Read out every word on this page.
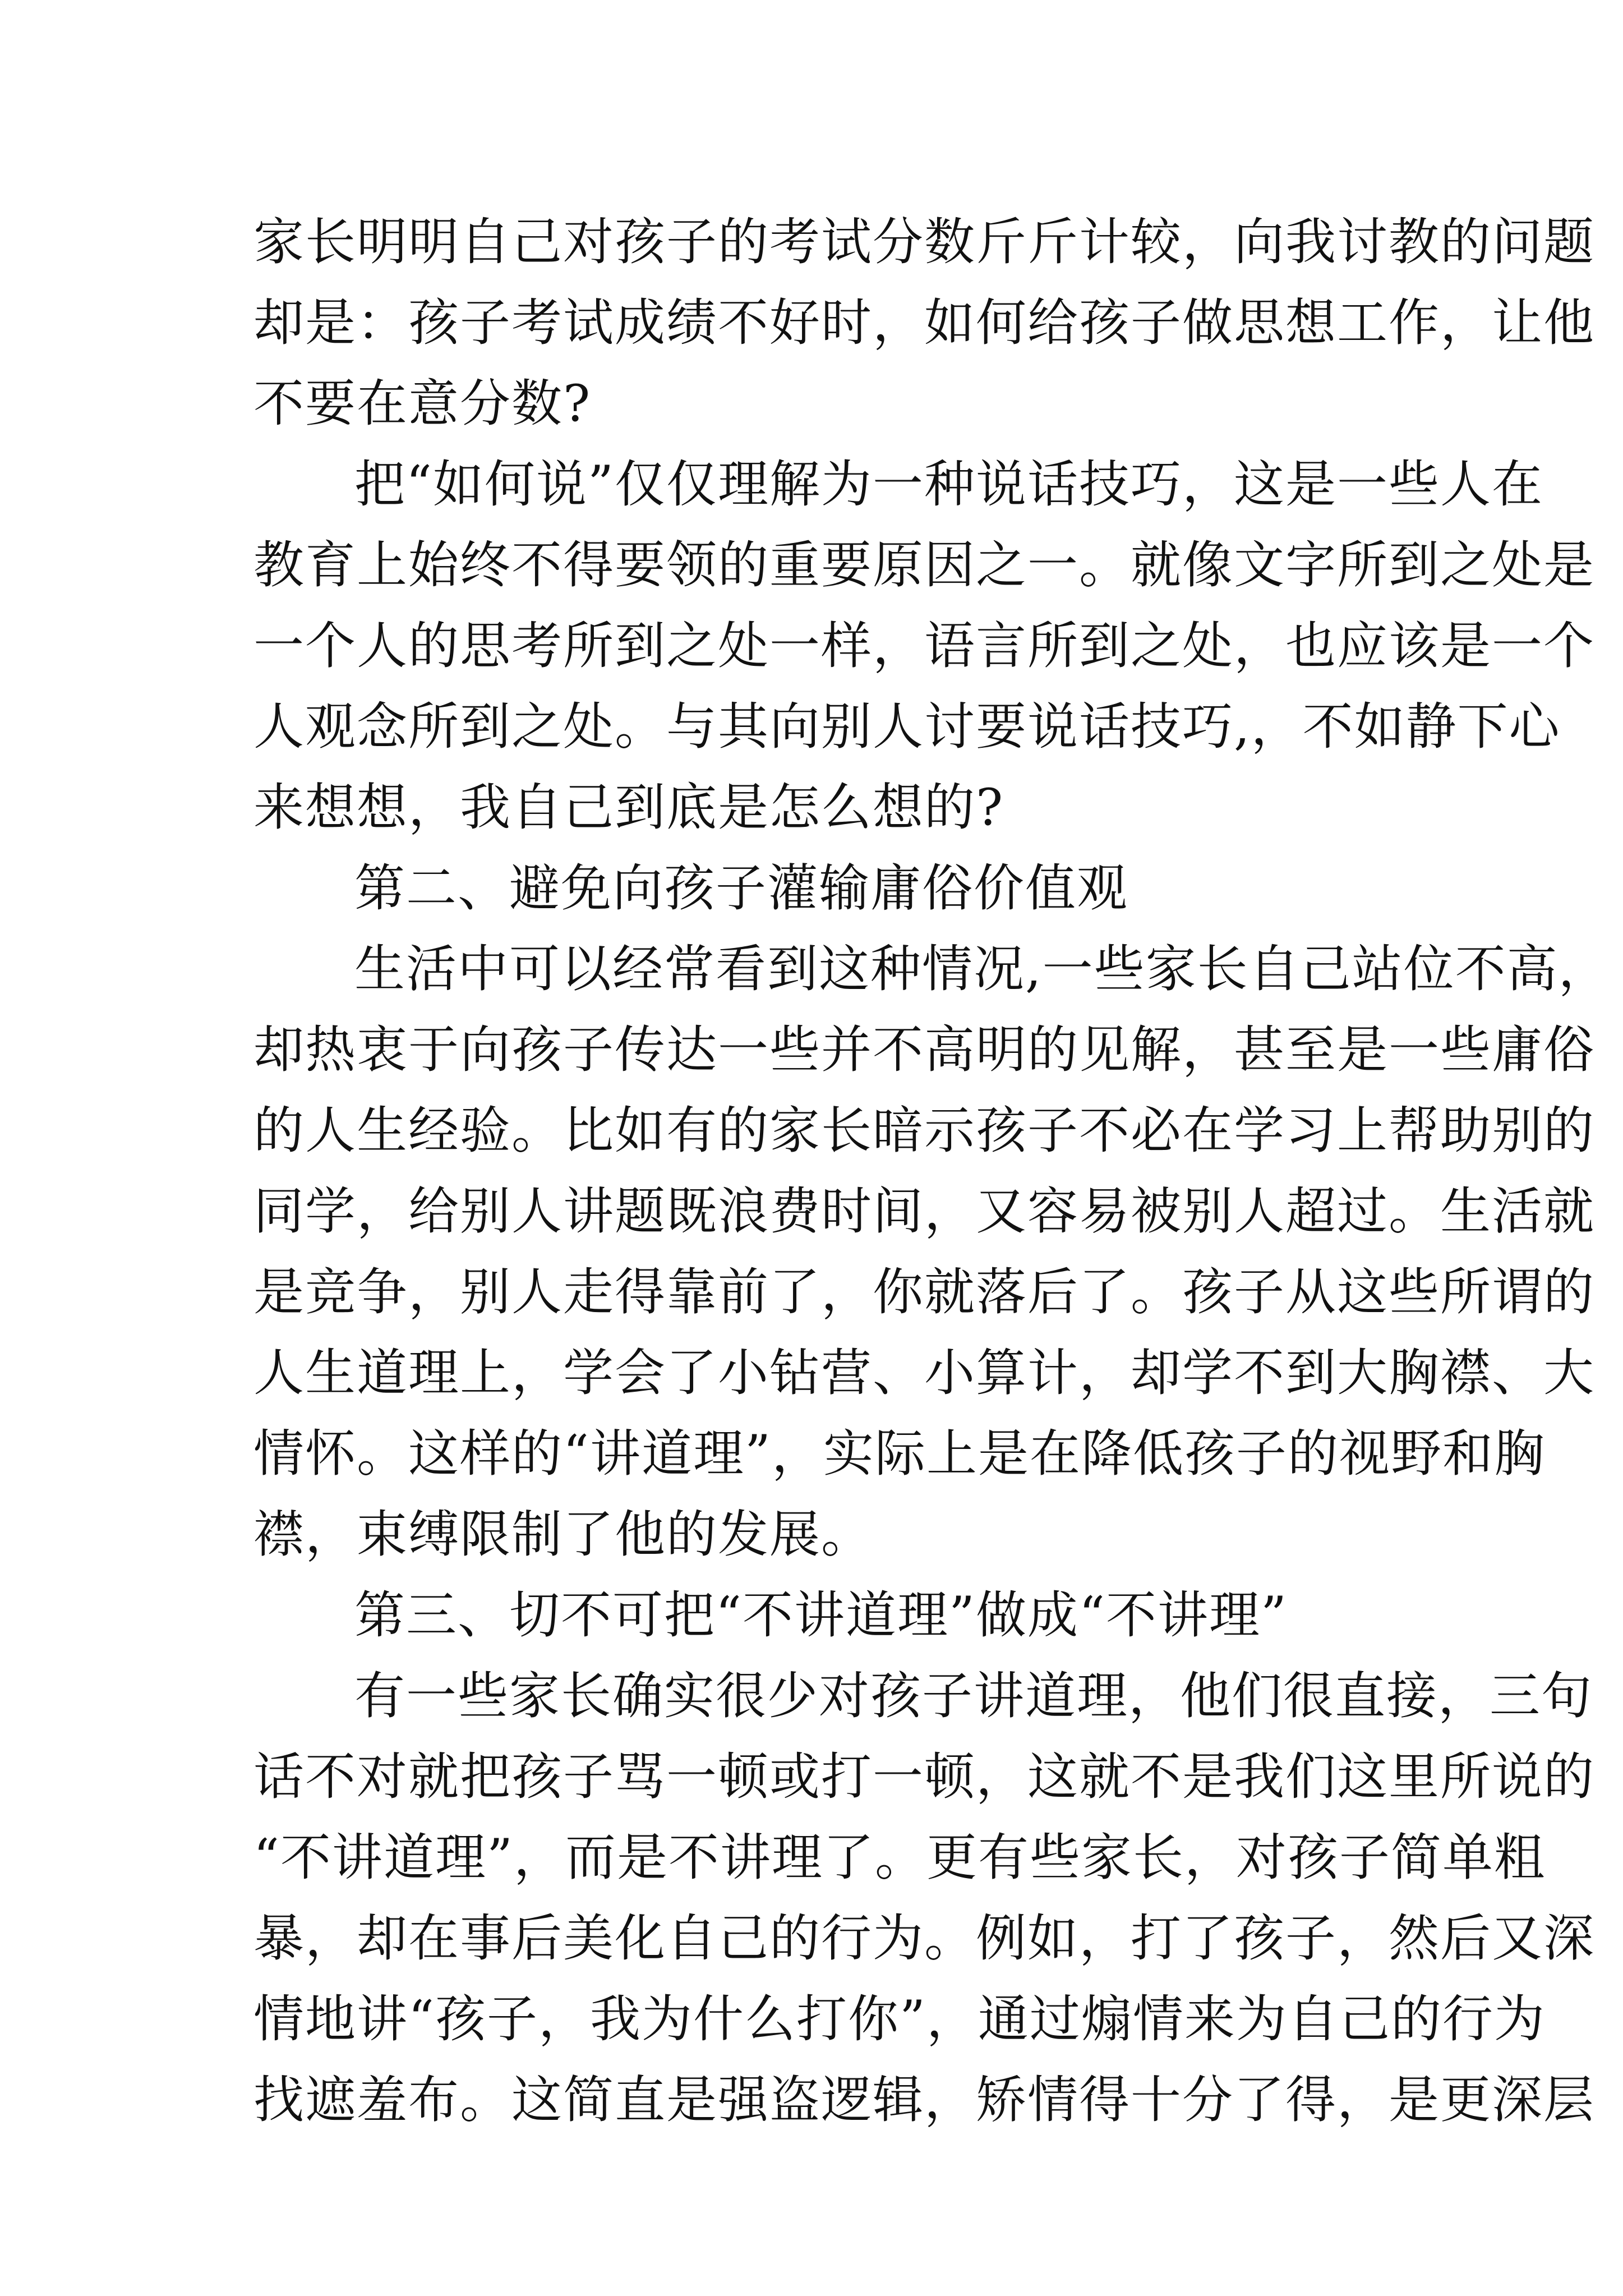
家长明明自己对孩子的考试分数斤斤计较，向我讨教的问题
却是：孩子考试成绩不好时，如何给孩子做思想工作，让他
不要在意分数?
把“如何说”仅仅理解为一种说话技巧，这是一些人在
教育上始终不得要领的重要原因之一。就像文字所到之处是
一个人的思考所到之处一样，语言所到之处，也应该是一个
人观念所到之处。与其向别人讨要说话技巧,，不如静下心
来想想，我自己到底是怎么想的?
第二、避免向孩子灌输庸俗价值观
生活中可以经常看到这种情况,一些家长自己站位不高，
却热衷于向孩子传达一些并不高明的见解，甚至是一些庸俗
的人生经验。比如有的家长暗示孩子不必在学习上帮助别的
同学，给别人讲题既浪费时间，又容易被别人超过。生活就
是竞争，别人走得靠前了，你就落后了。孩子从这些所谓的
人生道理上，学会了小钻营、小算计，却学不到大胸襟、大
情怀。这样的“讲道理”，实际上是在降低孩子的视野和胸
襟，束缚限制了他的发展。
第三、切不可把“不讲道理”做成“不讲理”
有一些家长确实很少对孩子讲道理，他们很直接，三句
话不对就把孩子骂一顿或打一顿，这就不是我们这里所说的
“不讲道理”，而是不讲理了。更有些家长，对孩子简单粗
暴，却在事后美化自己的行为。例如，打了孩子，然后又深
情地讲“孩子，我为什么打你”，通过煽情来为自己的行为
找遮羞布。这简直是强盗逻辑，矫情得十分了得，是更深层
